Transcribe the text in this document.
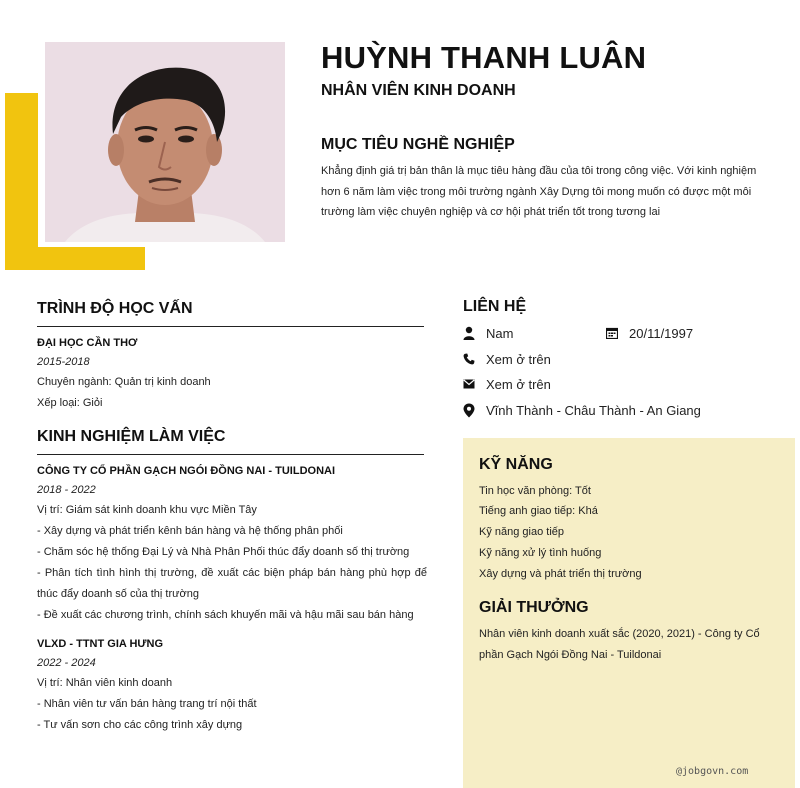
HUỲNH THANH LUÂN
NHÂN VIÊN KINH DOANH
MỤC TIÊU NGHỀ NGHIỆP
Khẳng định giá trị bản thân là mục tiêu hàng đầu của tôi trong công việc. Với kinh nghiệm hơn 6 năm làm việc trong môi trường ngành Xây Dựng tôi mong muốn có được một môi trường làm việc chuyên nghiệp và cơ hội phát triển tốt trong tương lai
TRÌNH ĐỘ HỌC VẤN
ĐẠI HỌC CẦN THƠ
2015-2018
Chuyên ngành: Quản trị kinh doanh
Xếp loại: Giỏi
KINH NGHIỆM LÀM VIỆC
CÔNG TY CỔ PHẦN GẠCH NGÓI ĐỒNG NAI - TUILDONAI
2018 - 2022
Vị trí: Giám sát kinh doanh khu vực Miền Tây
- Xây dựng và phát triển kênh bán hàng và hệ thống phân phối
- Chăm sóc hệ thống Đại Lý và Nhà Phân Phối thúc đẩy doanh số thị trường
- Phân tích tình hình thị trường, đề xuất các biện pháp bán hàng phù hợp để thúc đẩy doanh số của thị trường
- Đề xuất các chương trình, chính sách khuyến mãi và hậu mãi sau bán hàng
VLXD - TTNT GIA HƯNG
2022 - 2024
Vị trí: Nhân viên kinh doanh
- Nhân viên tư vấn bán hàng trang trí nội thất
- Tư vấn sơn cho các công trình xây dựng
LIÊN HỆ
Nam	20/11/1997
Xem ở trên
Xem ở trên
Vĩnh Thành - Châu Thành - An Giang
KỸ NĂNG
Tin học văn phòng: Tốt
Tiếng anh giao tiếp: Khá
Kỹ năng giao tiếp
Kỹ năng xử lý tình huống
Xây dựng và phát triển thị trường
GIẢI THƯỞNG
Nhân viên kinh doanh xuất sắc (2020, 2021) - Công ty Cổ phần Gạch Ngói Đồng Nai - Tuildonai
@jobgovn.com
